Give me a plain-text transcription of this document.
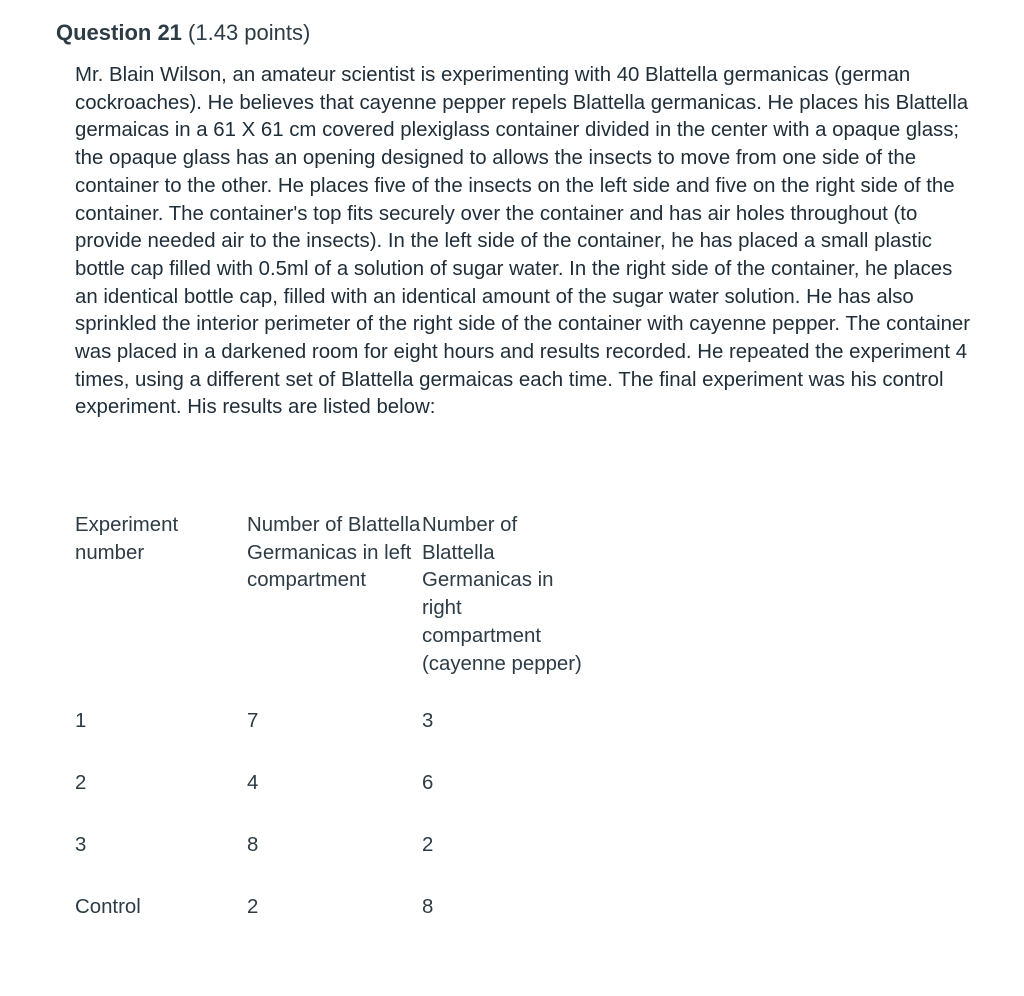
Question 21 (1.43 points)

Mr. Blain Wilson, an amateur scientist is experimenting with 40 Blattella germanicas (german cockroaches). He believes that cayenne pepper repels Blattella germanicas. He places his Blattella germaicas in a 61 X 61 cm covered plexiglass container divided in the center with a opaque glass; the opaque glass has an opening designed to allows the insects to move from one side of the container to the other. He places five of the insects on the left side and five on the right side of the container. The container's top fits securely over the container and has air holes throughout (to provide needed air to the insects). In the left side of the container, he has placed a small plastic bottle cap filled with 0.5ml of a solution of sugar water. In the right side of the container, he places an identical bottle cap, filled with an identical amount of the sugar water solution. He has also sprinkled the interior perimeter of the right side of the container with cayenne pepper. The container was placed in a darkened room for eight hours and results recorded. He repeated the experiment 4 times, using a different set of Blattella germaicas each time. The final experiment was his control experiment. His results are listed below:

Experiment number	Number of Blattella Germanicas in left compartment	Number of Blattella Germanicas in right compartment (cayenne pepper)
1	7	3
2	4	6
3	8	2
Control	2	8
